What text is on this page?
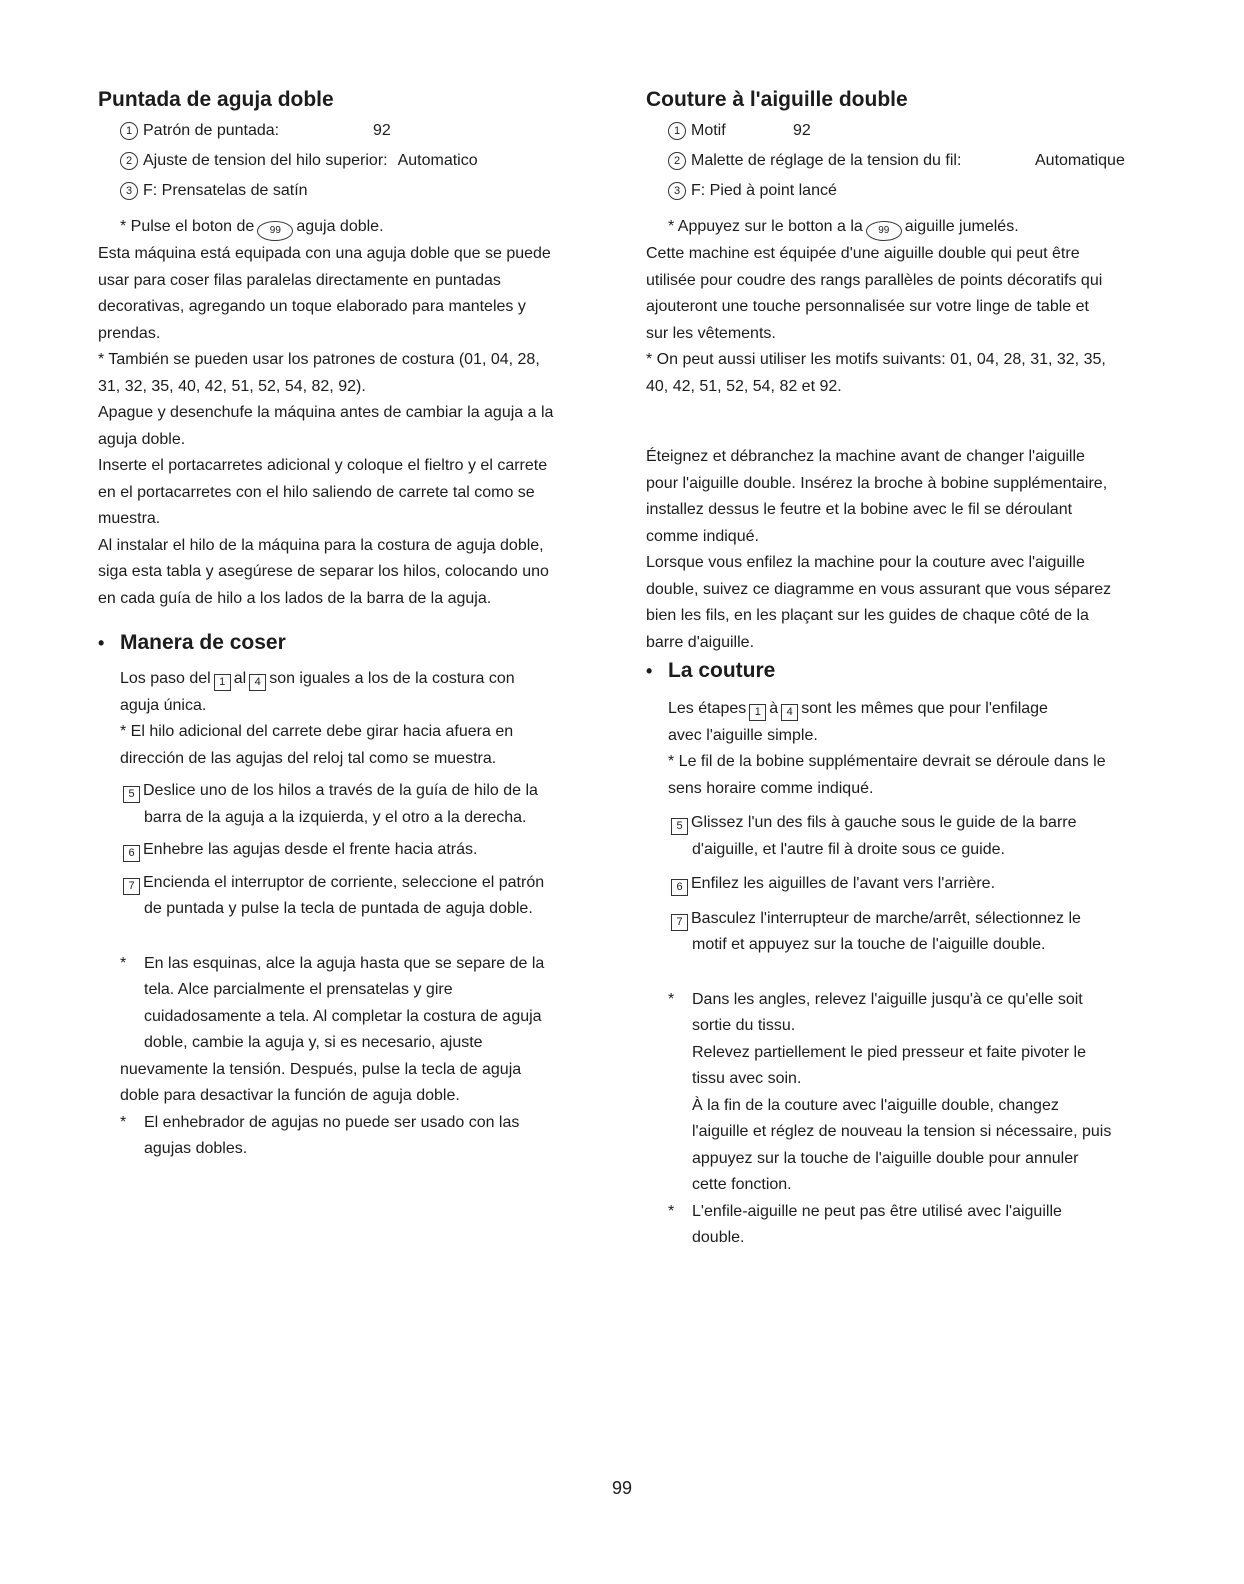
Puntada de aguja doble
1 Patrón de puntada:	92
2 Ajuste de tension del hilo superior: Automatico
3 F: Prensatelas de satín

* Pulse el boton de 99 aguja doble.

Esta máquina está equipada con una aguja doble que se puede

usar para coser filas paralelas directamente en puntadas

decorativas, agregando un toque elaborado para manteles y

prendas.

* También se pueden usar los patrones de costura (01, 04, 28,

31, 32, 35, 40, 42, 51, 52, 54, 82, 92).

Apague y desenchufe la máquina antes de cambiar la aguja a la

aguja doble.

Inserte el portacarretes adicional y coloque el fieltro y el carrete

en el portacarretes con el hilo saliendo de carrete tal como se

muestra.

Al instalar el hilo de la máquina para la costura de aguja doble,

siga esta tabla y asegúrese de separar los hilos, colocando uno

en cada guía de hilo a los lados de la barra de la aguja.

• Manera de coser

Los paso del 1 al 4 son iguales a los de la costura con

aguja única.

* El hilo adicional del carrete debe girar hacia afuera en

dirección de las agujas del reloj tal como se muestra.

5 Deslice uno de los hilos a través de la guía de hilo de la

barra de la aguja a la izquierda, y el otro a la derecha.

6 Enhebre las agujas desde el frente hacia atrás.

7 Encienda el interruptor de corriente, seleccione el patrón

de puntada y pulse la tecla de puntada de aguja doble.

* En las esquinas, alce la aguja hasta que se separe de la

tela. Alce parcialmente el prensatelas y gire

cuidadosamente a tela. Al completar la costura de aguja

doble, cambie la aguja y, si es necesario, ajuste

nuevamente la tensión. Después, pulse la tecla de aguja

doble para desactivar la función de aguja doble.

* El enhebrador de agujas no puede ser usado con las

agujas dobles.

Couture à l'aiguille double
1 Motif	92
2 Malette de réglage de la tension du fil:	Automatique
3 F: Pied à point lancé

* Appuyez sur le botton a la 99 aiguille jumelés.

Cette machine est équipée d'une aiguille double qui peut être

utilisée pour coudre des rangs parallèles de points décoratifs qui

ajouteront une touche personnalisée sur votre linge de table et

sur les vêtements.

* On peut aussi utiliser les motifs suivants: 01, 04, 28, 31, 32, 35,

40, 42, 51, 52, 54, 82 et 92.

Éteignez et débranchez la machine avant de changer l'aiguille

pour l'aiguille double. Insérez la broche à bobine supplémentaire,

installez dessus le feutre et la bobine avec le fil se déroulant

comme indiqué.

Lorsque vous enfilez la machine pour la couture avec l'aiguille

double, suivez ce diagramme en vous assurant que vous séparez

bien les fils, en les plaçant sur les guides de chaque côté de la

barre d'aiguille.

• La couture

Les étapes 1 à 4 sont les mêmes que pour l'enfilage

avec l'aiguille simple.

* Le fil de la bobine supplémentaire devrait se déroule dans le

sens horaire comme indiqué.

5 Glissez l'un des fils à gauche sous le guide de la barre

d'aiguille, et l'autre fil à droite sous ce guide.

6 Enfilez les aiguilles de l'avant vers l'arrière.

7 Basculez l'interrupteur de marche/arrêt, sélectionnez le

motif et appuyez sur la touche de l'aiguille double.

* Dans les angles, relevez l'aiguille jusqu'à ce qu'elle soit

sortie du tissu.

Relevez partiellement le pied presseur et faite pivoter le

tissu avec soin.

À la fin de la couture avec l'aiguille double, changez

l'aiguille et réglez de nouveau la tension si nécessaire, puis

appuyez sur la touche de l'aiguille double pour annuler

cette fonction.

* L'enfile-aiguille ne peut pas être utilisé avec l'aiguille

double.

99
